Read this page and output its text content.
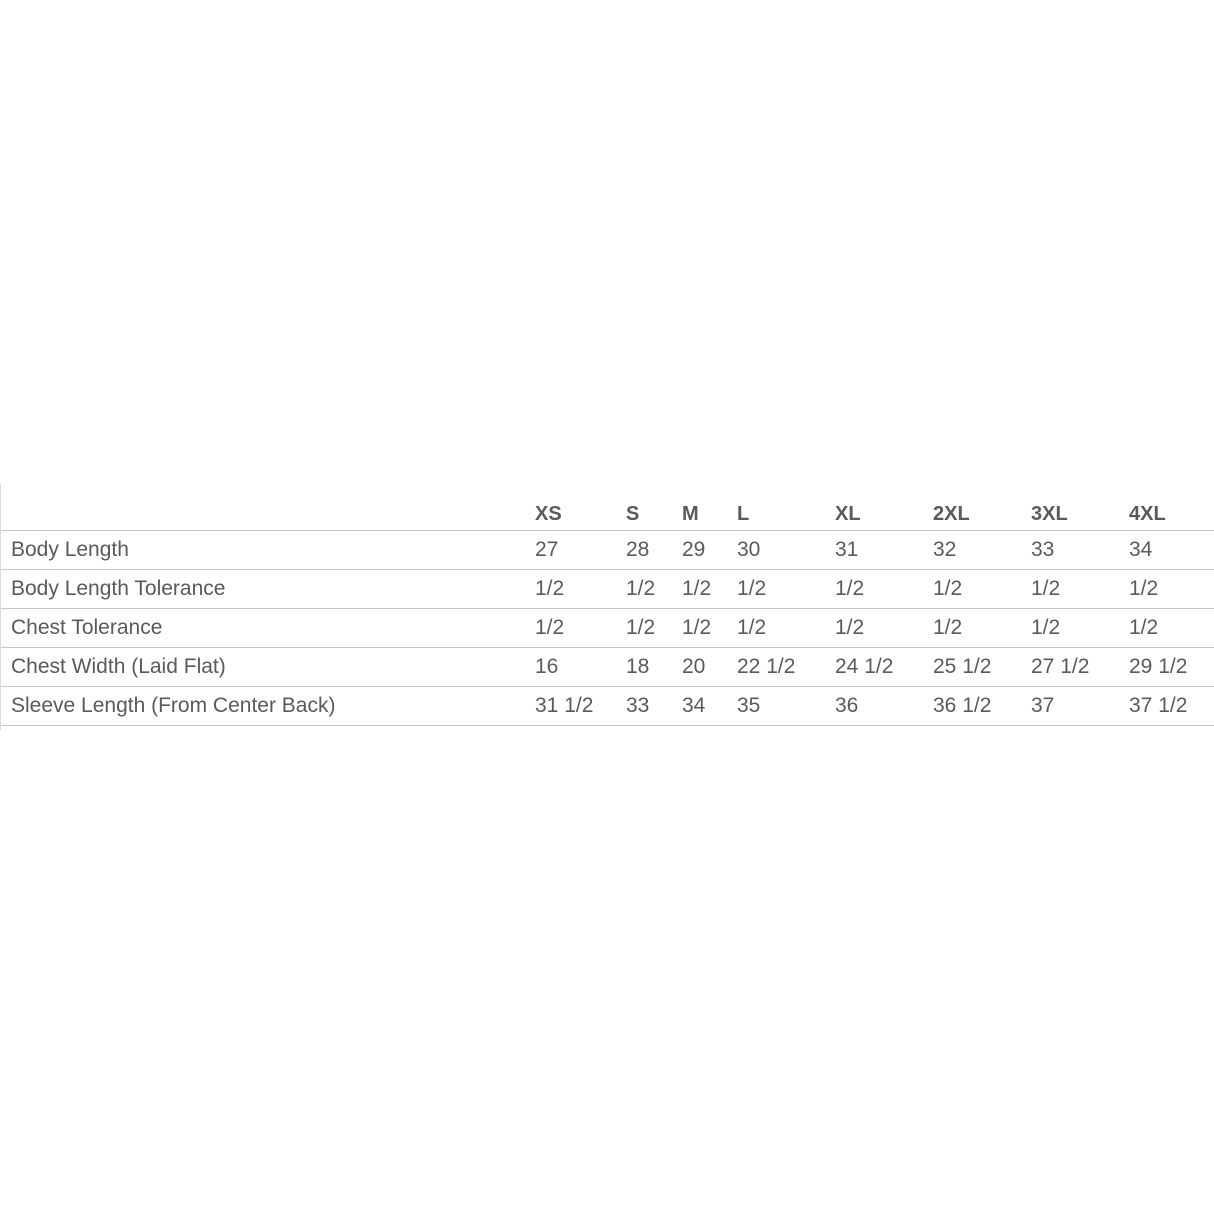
	XS	S	M	L	XL	2XL	3XL	4XL
Body Length	27	28	29	30	31	32	33	34
Body Length Tolerance	1/2	1/2	1/2	1/2	1/2	1/2	1/2	1/2
Chest Tolerance	1/2	1/2	1/2	1/2	1/2	1/2	1/2	1/2
Chest Width (Laid Flat)	16	18	20	22 1/2	24 1/2	25 1/2	27 1/2	29 1/2
Sleeve Length (From Center Back)	31 1/2	33	34	35	36	36 1/2	37	37 1/2
